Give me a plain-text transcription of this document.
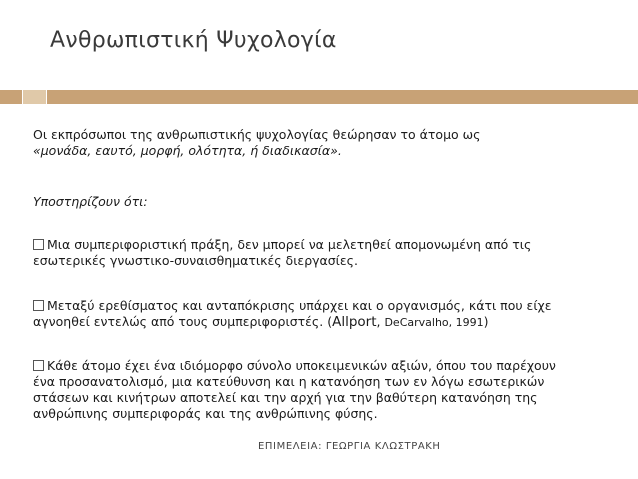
Ανθρωπιστική Ψυχολογία
Οι εκπρόσωποι της ανθρωπιστικής ψυχολογίας θεώρησαν το άτομο ως
«μονάδα, εαυτό, μορφή, ολότητα, ή διαδικασία».
Υποστηρίζουν ότι:
Μια συμπεριφοριστική πράξη, δεν μπορεί να μελετηθεί απομονωμένη από τις
εσωτερικές γνωστικο-συναισθηματικές διεργασίες.
Μεταξύ ερεθίσματος και ανταπόκρισης υπάρχει και ο οργανισμός, κάτι που είχε
αγνοηθεί εντελώς από τους συμπεριφοριστές. (Allport, DeCarvalho, 1991)
Κάθε άτομο έχει ένα ιδιόμορφο σύνολο υποκειμενικών αξιών, όπου του παρέχουν
ένα προσανατολισμό, μια κατεύθυνση και η κατανόηση των εν λόγω εσωτερικών
στάσεων και κινήτρων αποτελεί και την αρχή για την βαθύτερη κατανόηση της
ανθρώπινης συμπεριφοράς και της ανθρώπινης φύσης.
ΕΠΙΜΕΛΕΙΑ: ΓΕΩΡΓΙΑ ΚΛΩΣΤΡΑΚΗ
